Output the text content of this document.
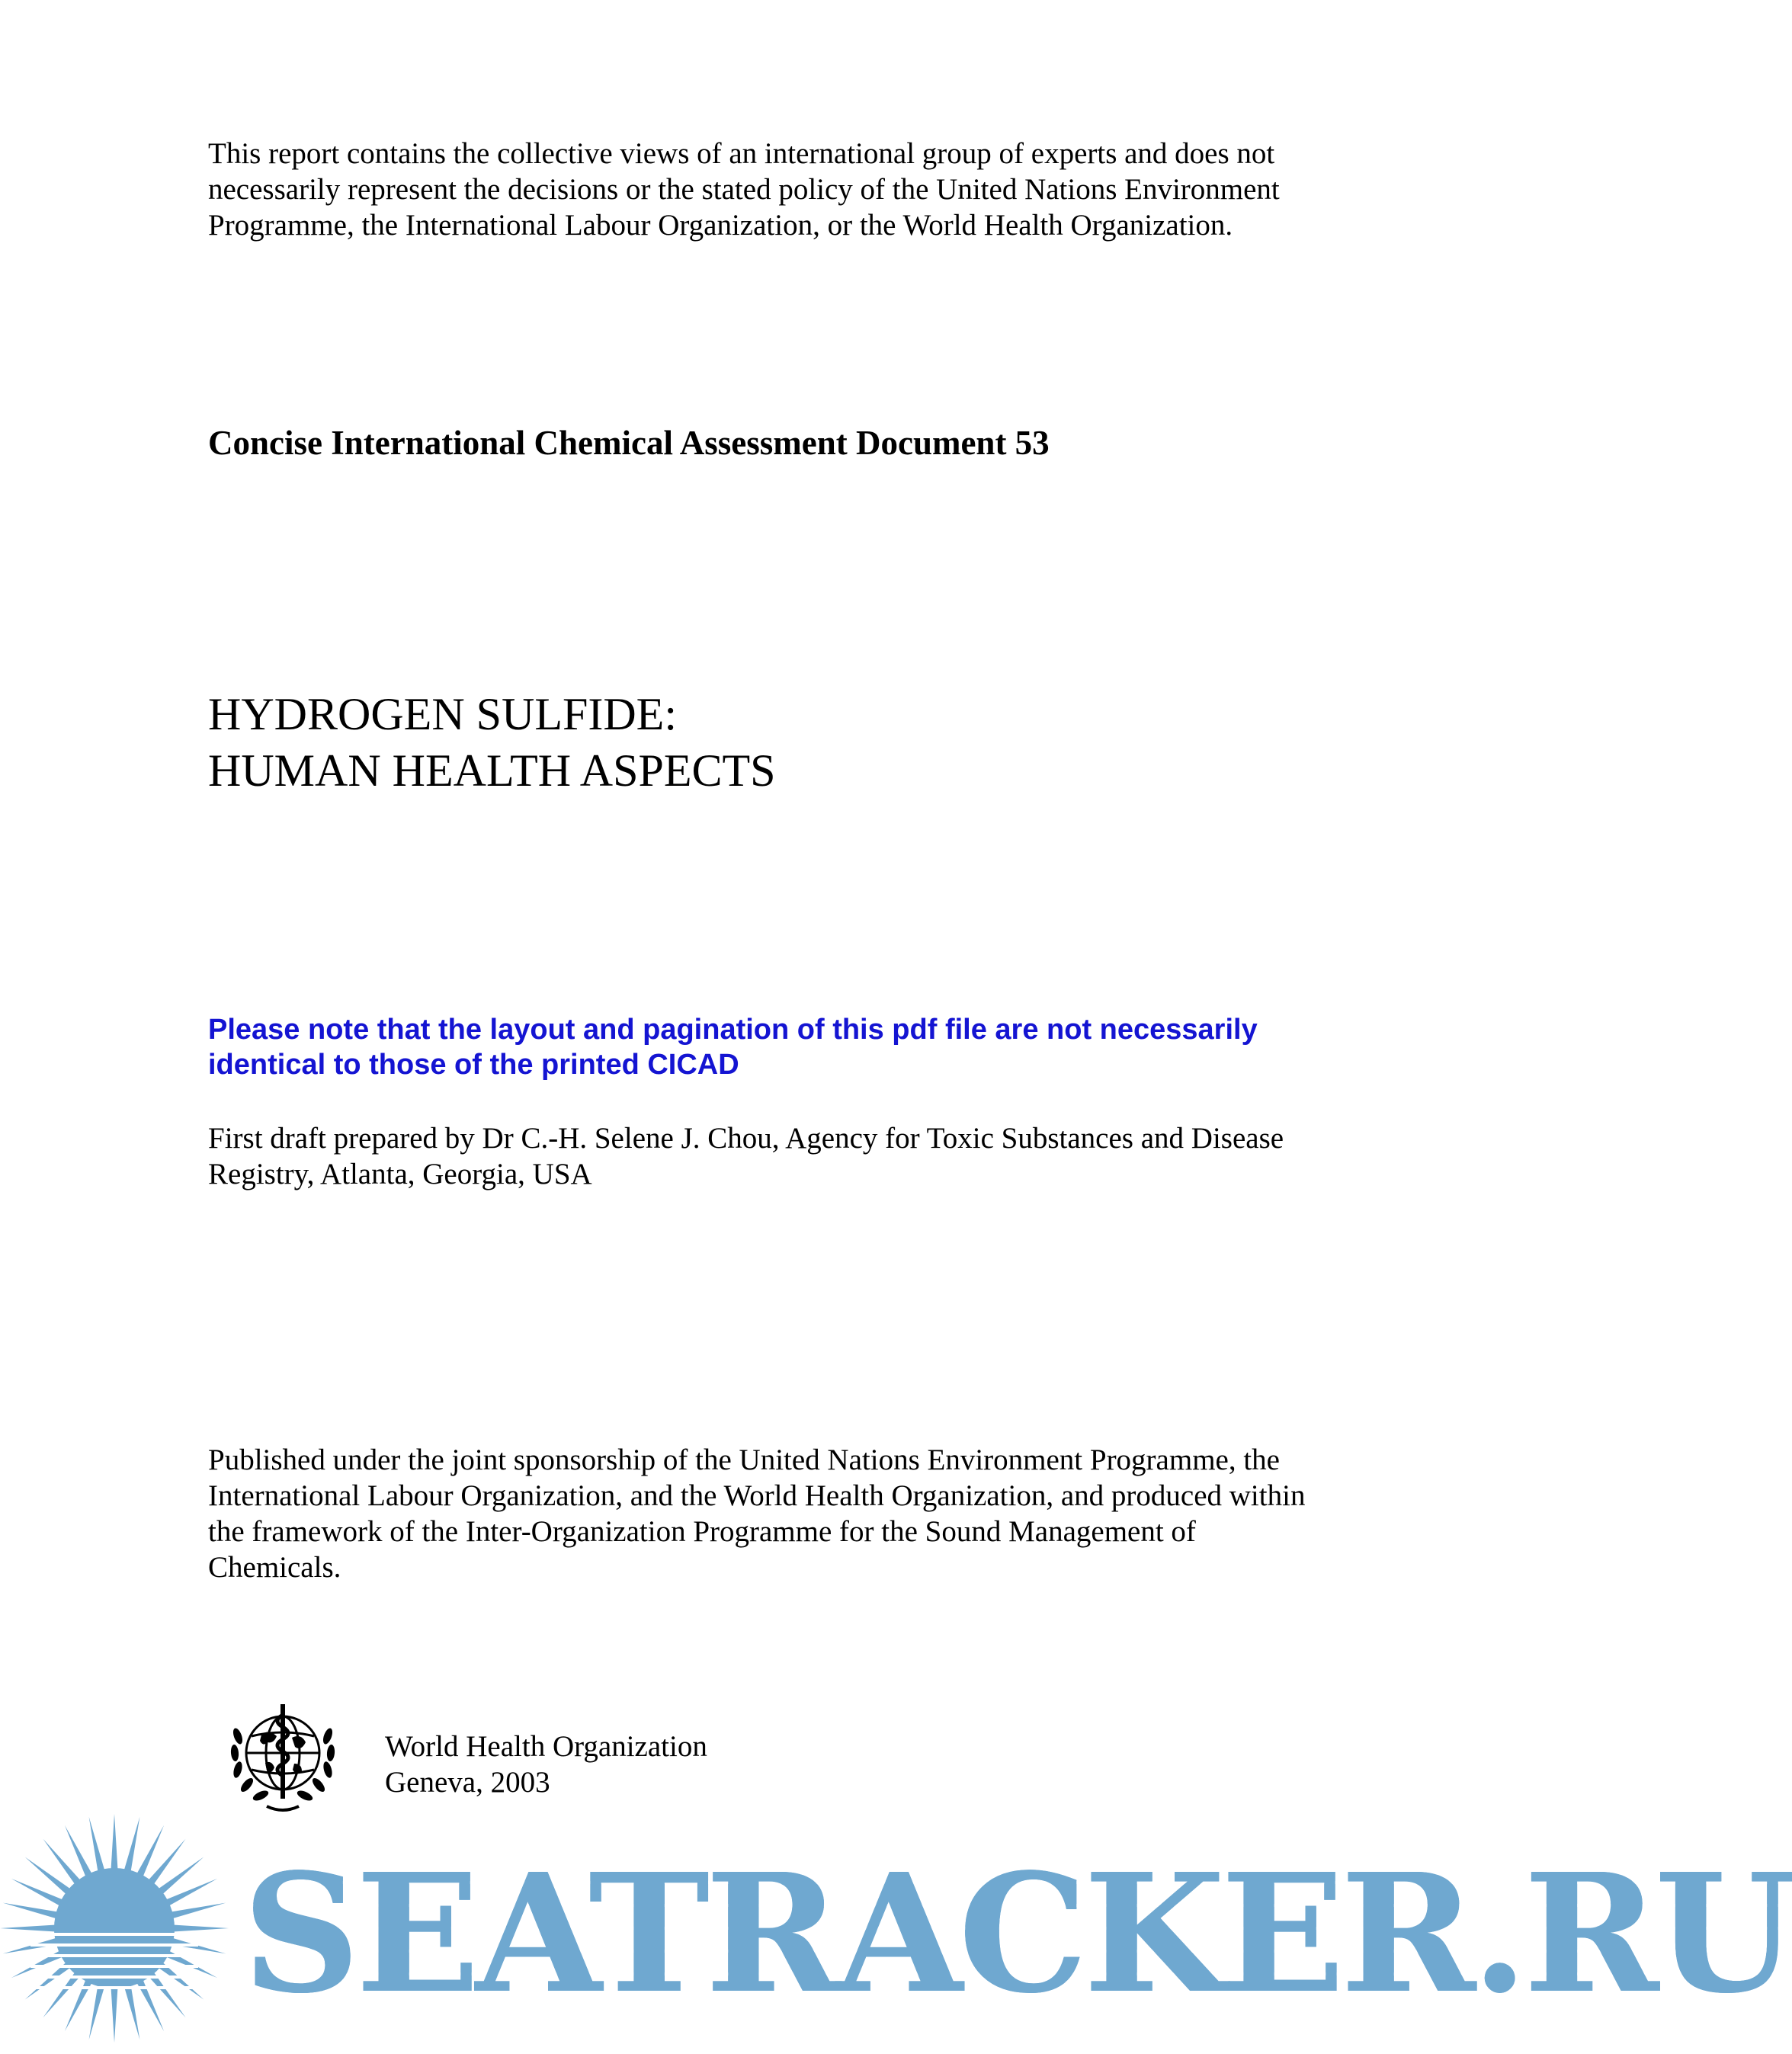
This report contains the collective views of an international group of experts and does not
necessarily represent the decisions or the stated policy of the United Nations Environment
Programme, the International Labour Organization, or the World Health Organization.
Concise International Chemical Assessment Document 53
HYDROGEN SULFIDE:
HUMAN HEALTH ASPECTS
Please note that the layout and pagination of this pdf file are not necessarily
identical to those of the printed CICAD
First draft prepared by Dr C.-H. Selene J. Chou, Agency for Toxic Substances and Disease
Registry, Atlanta, Georgia, USA
Published under the joint sponsorship of the United Nations Environment Programme, the
International Labour Organization, and the World Health Organization, and produced within
the framework of the Inter-Organization Programme for the Sound Management of
Chemicals.
World Health Organization
Geneva, 2003
SEATRACKER.RU
